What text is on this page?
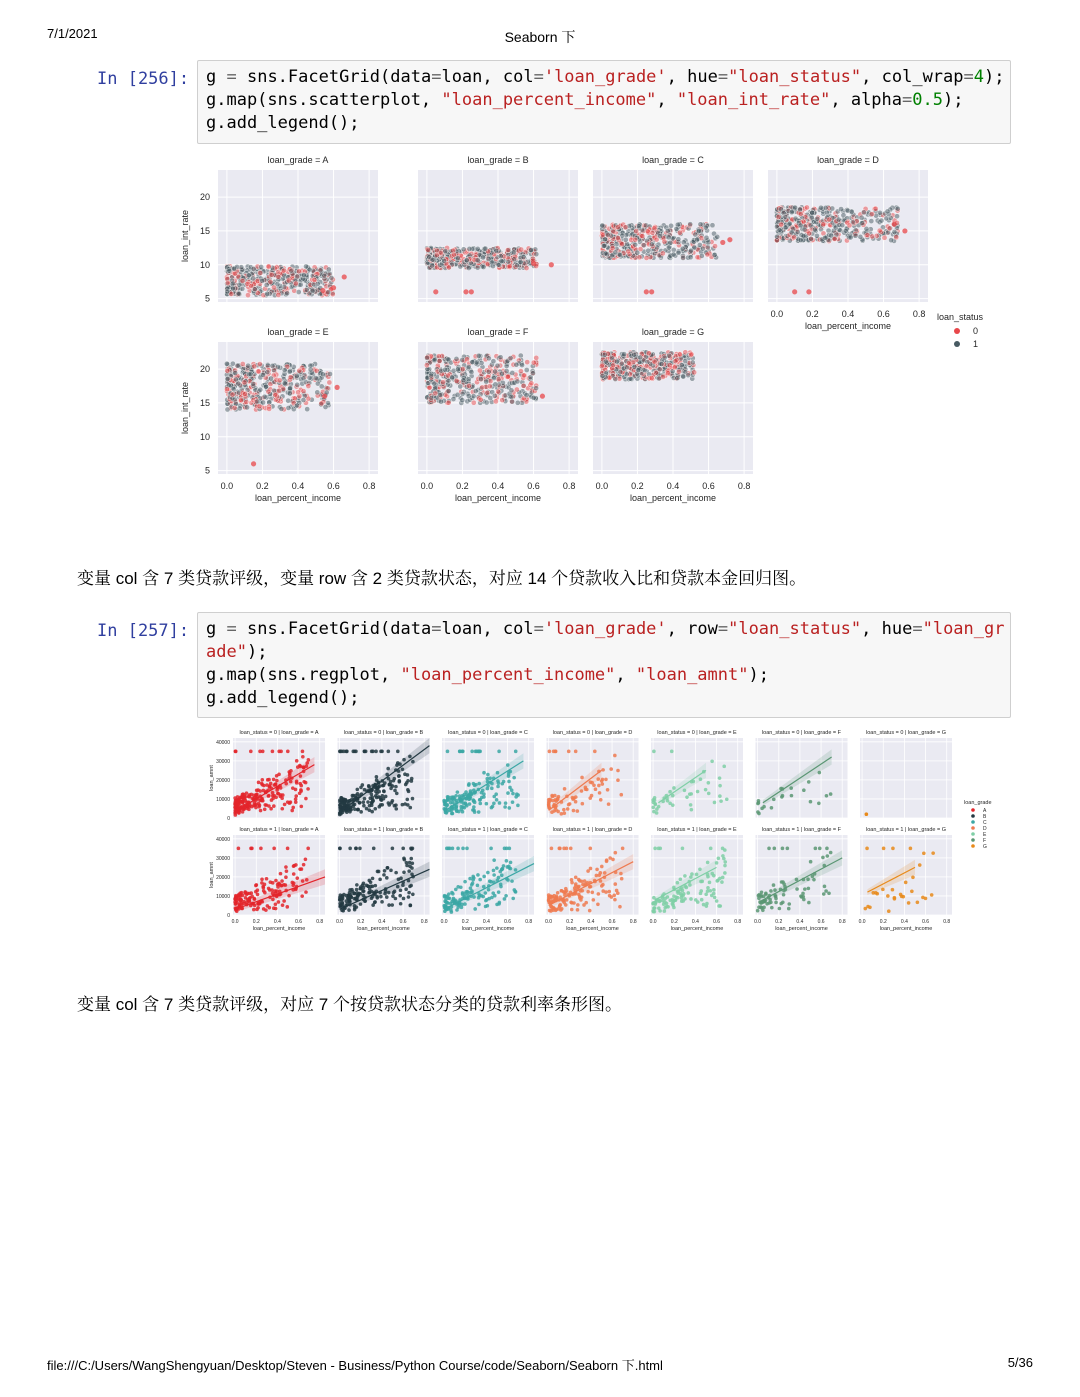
7/1/2021	Seaborn 下
In [256]: g = sns.FacetGrid(data=loan, col='loan_grade', hue="loan_status", col_wrap=4);
g.map(sns.scatterplot, "loan_percent_income", "loan_int_rate", alpha=0.5);
g.add_legend();
loan_grade = A
5
10
15
20
loan_int_rate
loan_grade = B	loan_grade = C	loan_grade = D
0.0	0.2	0.4	0.6	0.8
loan_percent_income
loan_grade = E
5
10
15
20
loan_int_rate
0.0	0.2	0.4	0.6	0.8
loan_percent_income
loan_grade = F
0.0	0.2	0.4	0.6	0.8
loan_percent_income
loan_grade = G
0.0	0.2	0.4	0.6	0.8
loan_percent_income
loan_status
0
1
变量 col 含 7 类贷款评级，变量 row 含 2 类贷款状态，对应 14 个贷款收入比和贷款本金回归图。
In [257]: g = sns.FacetGrid(data=loan, col='loan_grade', row="loan_status", hue="loan_gr
ade");
g.map(sns.regplot, "loan_percent_income", "loan_amnt");
g.add_legend();
loan_status = 0 | loan_grade = A
0
10000
20000
30000
40000
loan_amnt
loan_status = 0 | loan_grade = B	loan_status = 0 | loan_grade = C	loan_status = 0 | loan_grade = D	loan_status = 0 | loan_grade = E	loan_status = 0 | loan_grade = F	loan_status = 0 | loan_grade = G
loan_status = 1 | loan_grade = A
0
10000
20000
30000
40000
loan_amnt
0.0	0.2	0.4	0.6	0.8
loan_percent_income
loan_status = 1 | loan_grade = B
0.0	0.2	0.4	0.6	0.8
loan_percent_income
loan_status = 1 | loan_grade = C
0.0	0.2	0.4	0.6	0.8
loan_percent_income
loan_status = 1 | loan_grade = D
0.0	0.2	0.4	0.6	0.8
loan_percent_income
loan_status = 1 | loan_grade = E
0.0	0.2	0.4	0.6	0.8
loan_percent_income
loan_status = 1 | loan_grade = F
0.0	0.2	0.4	0.6	0.8
loan_percent_income
loan_status = 1 | loan_grade = G
0.0	0.2	0.4	0.6	0.8
loan_percent_income
loan_grade
A
B
C
D
E
F
G
变量 col 含 7 类贷款评级，对应 7 个按贷款状态分类的贷款利率条形图。
file:///C:/Users/WangShengyuan/Desktop/Steven - Business/Python Course/code/Seaborn/Seaborn 下.html	5/36
